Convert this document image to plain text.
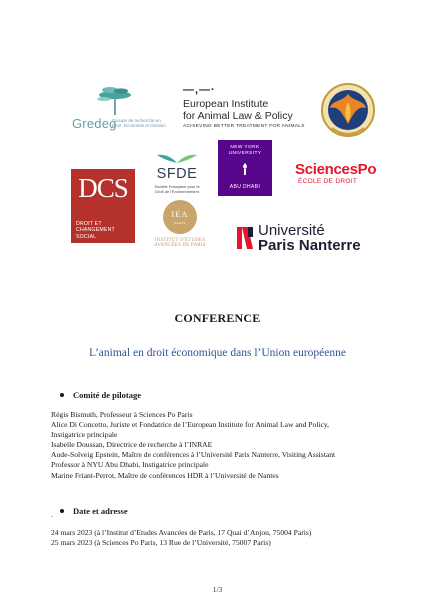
Gredeg
Groupe de recherche en Droit, Économie et Gestion
—,—·
European Institute
for Animal Law & Policy
ACHIEVING BETTER TREATMENT FOR ANIMALS
SFDE
Société Française pour le Droit de l'Environnement
NEW YORK
UNIVERSITY
ABU DHABI
SciencesPo
ÉCOLE DE DROIT
DCS
DROIT ET
CHANGEMENT SOCIAL
IEA
PARIS
INSTITUT D'ÉTUDES
AVANCÉES DE PARIS
Université
Paris Nanterre
CONFERENCE
L’animal en droit économique dans l’Union européenne
Comité de pilotage
Régis Bismuth, Professeur à Sciences Po Paris
Alice Di Concetto, Juriste et Fondatrice de l’European Institute for Animal Law and Policy,
Instigatrice principale
Isabelle Doussan, Directrice de recherche à l’INRAE
Aude-Solveig Epstein, Maître de conférences à l’Université Paris Nanterre, Visiting Assistant
Professor à NYU Abu Dhabi, Instigatrice principale
Marine Friant-Perrot, Maître de conférences HDR à l’Université de Nantes
Date et adresse
`
24 mars 2023 (à l’Institut d’Etudes Avancées de Paris, 17 Quai d’Anjou, 75004 Paris)
25 mars 2023 (à Sciences Po Paris, 13 Rue de l’Université, 75007 Paris)
1/3
